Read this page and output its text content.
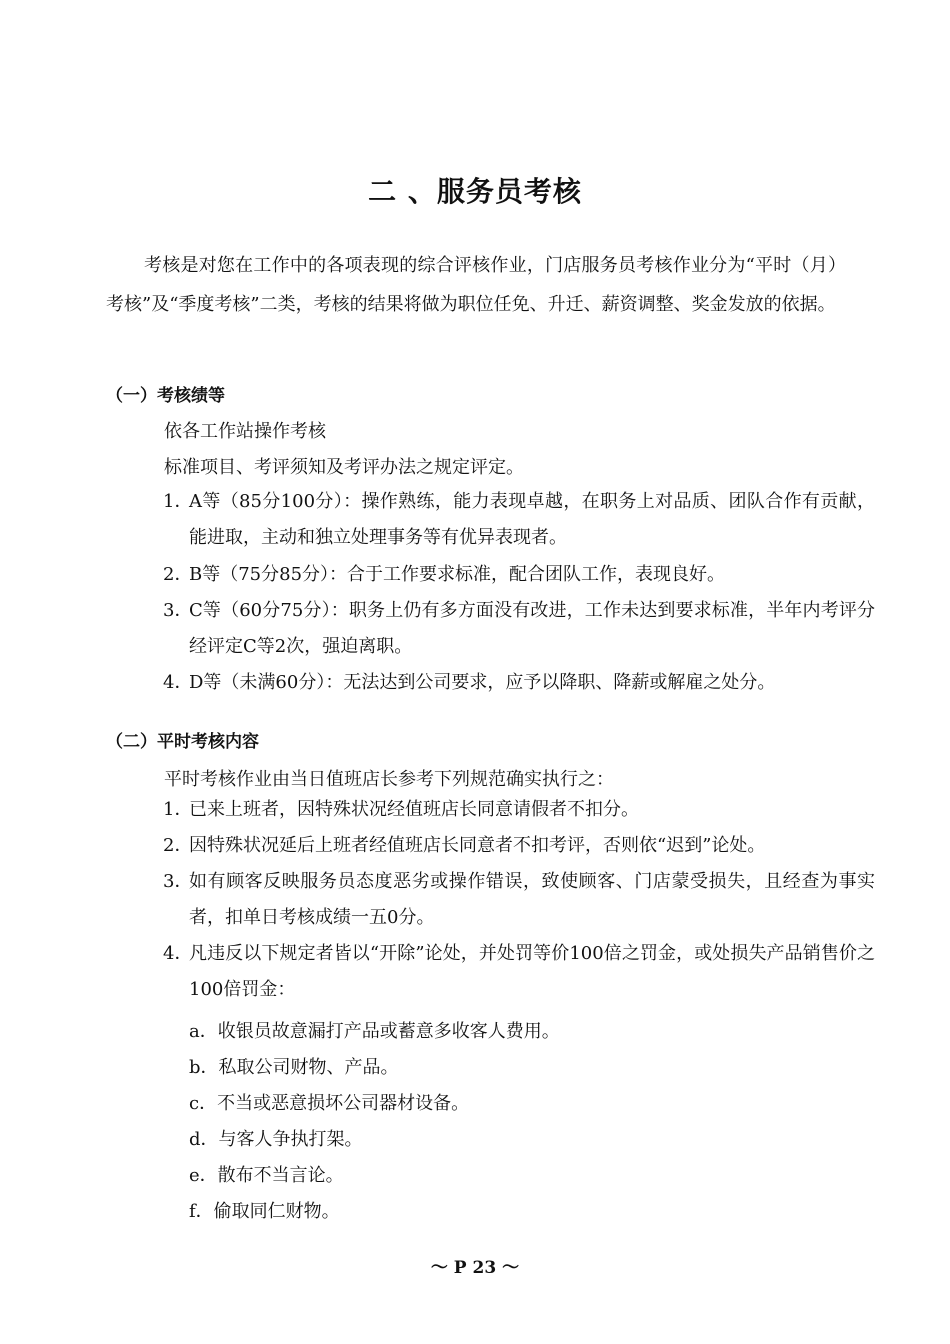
二 、服务员考核
考核是对您在工作中的各项表现的综合评核作业，门店服务员考核作业分为“平时（月）考核”及“季度考核”二类，考核的结果将做为职位任免、升迁、薪资调整、奖金发放的依据。
（一）考核绩等
依各工作站操作考核
标准项目、考评须知及考评办法之规定评定。
1．
A等（85分100分）：操作熟练，能力表现卓越，在职务上对品质、团队合作有贡献，能进取，主动和独立处理事务等有优异表现者。
2．
B等（75分85分）：合于工作要求标准，配合团队工作，表现良好。
3．
C等（60分75分）：职务上仍有多方面没有改进，工作未达到要求标准，半年内考评分经评定C等2次，强迫离职。
4．
D等（未满60分）：无法达到公司要求，应予以降职、降薪或解雇之处分。
（二）平时考核内容
平时考核作业由当日值班店长参考下列规范确实执行之：
1．
已来上班者，因特殊状况经值班店长同意请假者不扣分。
2．
因特殊状况延后上班者经值班店长同意者不扣考评，否则依“迟到”论处。
3．
如有顾客反映服务员态度恶劣或操作错误，致使顾客、门店蒙受损失，且经查为事实者，扣单日考核成绩一五0分。
4．
凡违反以下规定者皆以“开除”论处，并处罚等价100倍之罚金，或处损失产品销售价之100倍罚金：
a．收银员故意漏打产品或蓄意多收客人费用。
b．私取公司财物、产品。
c．不当或恶意损坏公司器材设备。
d．与客人争执打架。
e．散布不当言论。
f．偷取同仁财物。
～ P 23 ～
